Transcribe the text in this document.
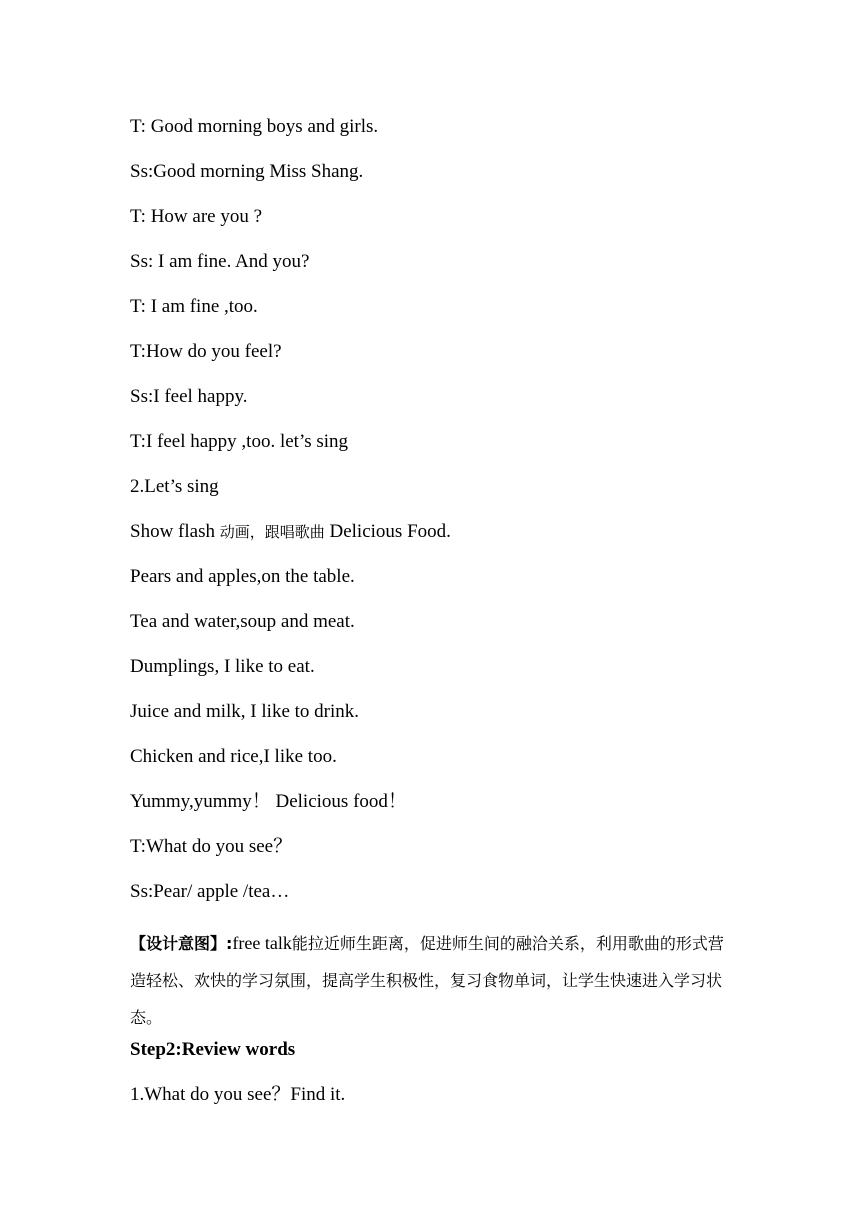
T: Good morning boys and girls.
Ss:Good morning Miss Shang.
T: How are you ?
Ss: I am fine. And you?
T: I am fine ,too.
T:How do you feel?
Ss:I feel happy.
T:I feel happy ,too. let’s sing
2.Let’s sing
Show flash 动画，跟唱歌曲 Delicious Food.
Pears and apples,on the table.
Tea and water,soup and meat.
Dumplings, I like to eat.
Juice and milk, I like to drink.
Chicken and rice,I like too.
Yummy,yummy！ Delicious food！
T:What do you see？
Ss:Pear/ apple /tea…
【设计意图】:free talk能拉近师生距离，促进师生间的融洽关系，利用歌曲的形式营造轻松、欢快的学习氛围，提高学生积极性，复习食物单词，让学生快速进入学习状态。
Step2:Review words
1.What do you see？Find it.
